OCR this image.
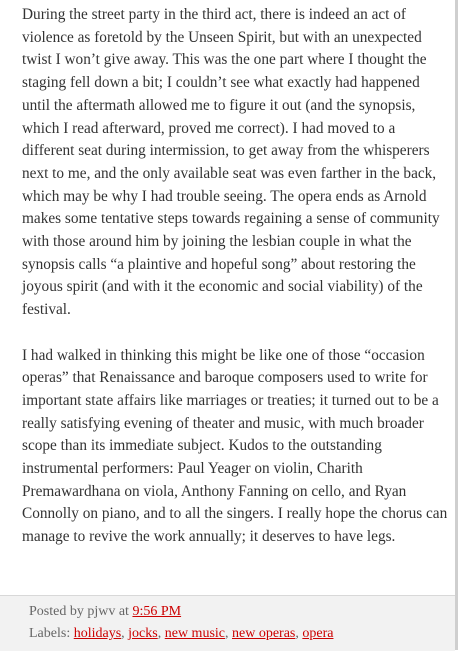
During the street party in the third act, there is indeed an act of violence as foretold by the Unseen Spirit, but with an unexpected twist I won’t give away. This was the one part where I thought the staging fell down a bit; I couldn’t see what exactly had happened until the aftermath allowed me to figure it out (and the synopsis, which I read afterward, proved me correct). I had moved to a different seat during intermission, to get away from the whisperers next to me, and the only available seat was even farther in the back, which may be why I had trouble seeing. The opera ends as Arnold makes some tentative steps towards regaining a sense of community with those around him by joining the lesbian couple in what the synopsis calls “a plaintive and hopeful song” about restoring the joyous spirit (and with it the economic and social viability) of the festival.

I had walked in thinking this might be like one of those “occasion operas” that Renaissance and baroque composers used to write for important state affairs like marriages or treaties; it turned out to be a really satisfying evening of theater and music, with much broader scope than its immediate subject. Kudos to the outstanding instrumental performers: Paul Yeager on violin, Charith Premawardhana on viola, Anthony Fanning on cello, and Ryan Connolly on piano, and to all the singers. I really hope the chorus can manage to revive the work annually; it deserves to have legs.

Posted by pjwv at 9:56 PM
Labels: holidays, jocks, new music, new operas, opera
